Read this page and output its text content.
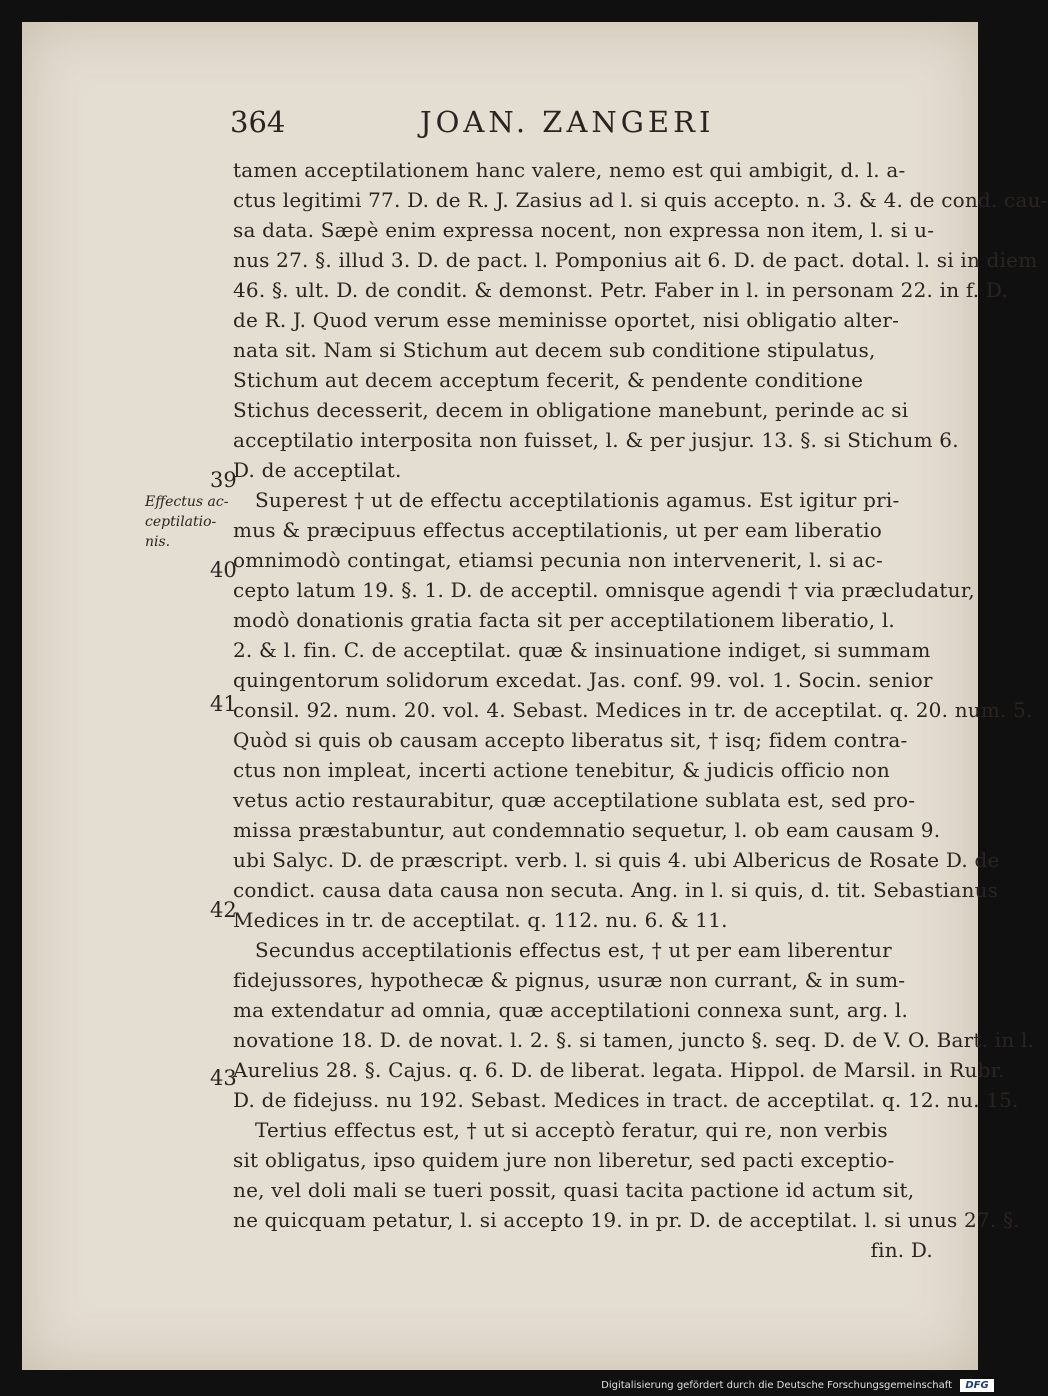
364	JOAN. ZANGERI
Effectus ac-ceptilatio-nis.
39
40
41
42
43
tamen acceptilationem hanc valere, nemo est qui ambigit, d. l. a-
ctus legitimi 77. D. de R. J. Zasius ad l. si quis accepto. n. 3. & 4. de cond. cau-
sa data. Sæpè enim expressa nocent, non expressa non item, l. si u-
nus 27. §. illud 3. D. de pact. l. Pomponius ait 6. D. de pact. dotal. l. si in diem
46. §. ult. D. de condit. & demonst. Petr. Faber in l. in personam 22. in f. D.
de R. J. Quod verum esse meminisse oportet, nisi obligatio alter-
nata sit. Nam si Stichum aut decem sub conditione stipulatus,
Stichum aut decem acceptum fecerit, & pendente conditione
Stichus decesserit, decem in obligatione manebunt, perinde ac si
acceptilatio interposita non fuisset, l. & per jusjur. 13. §. si Stichum 6.
D. de acceptilat.
Superest † ut de effectu acceptilationis agamus. Est igitur pri-
mus & præcipuus effectus acceptilationis, ut per eam liberatio
omnimodò contingat, etiamsi pecunia non intervenerit, l. si ac-
cepto latum 19. §. 1. D. de acceptil. omnisque agendi † via præcludatur,
modò donationis gratia facta sit per acceptilationem liberatio, l.
2. & l. fin. C. de acceptilat. quæ & insinuatione indiget, si summam
quingentorum solidorum excedat. Jas. conf. 99. vol. 1. Socin. senior
consil. 92. num. 20. vol. 4. Sebast. Medices in tr. de acceptilat. q. 20. num. 5.
Quòd si quis ob causam accepto liberatus sit, † isq; fidem contra-
ctus non impleat, incerti actione tenebitur, & judicis officio non
vetus actio restaurabitur, quæ acceptilatione sublata est, sed pro-
missa præstabuntur, aut condemnatio sequetur, l. ob eam causam 9.
ubi Salyc. D. de præscript. verb. l. si quis 4. ubi Albericus de Rosate D. de
condict. causa data causa non secuta. Ang. in l. si quis, d. tit. Sebastianus
Medices in tr. de acceptilat. q. 112. nu. 6. & 11.
Secundus acceptilationis effectus est, † ut per eam liberentur
fidejussores, hypothecæ & pignus, usuræ non currant, & in sum-
ma extendatur ad omnia, quæ acceptilationi connexa sunt, arg. l.
novatione 18. D. de novat. l. 2. §. si tamen, juncto §. seq. D. de V. O. Bart. in l.
Aurelius 28. §. Cajus. q. 6. D. de liberat. legata. Hippol. de Marsil. in Rubr.
D. de fidejuss. nu 192. Sebast. Medices in tract. de acceptilat. q. 12. nu. 15.
Tertius effectus est, † ut si acceptò feratur, qui re, non verbis
sit obligatus, ipso quidem jure non liberetur, sed pacti exceptio-
ne, vel doli mali se tueri possit, quasi tacita pactione id actum sit,
ne quicquam petatur, l. si accepto 19. in pr. D. de acceptilat. l. si unus 27. §.
fin. D.
Digitalisierung gefördert durch die Deutsche Forschungsgemeinschaft	DFG
